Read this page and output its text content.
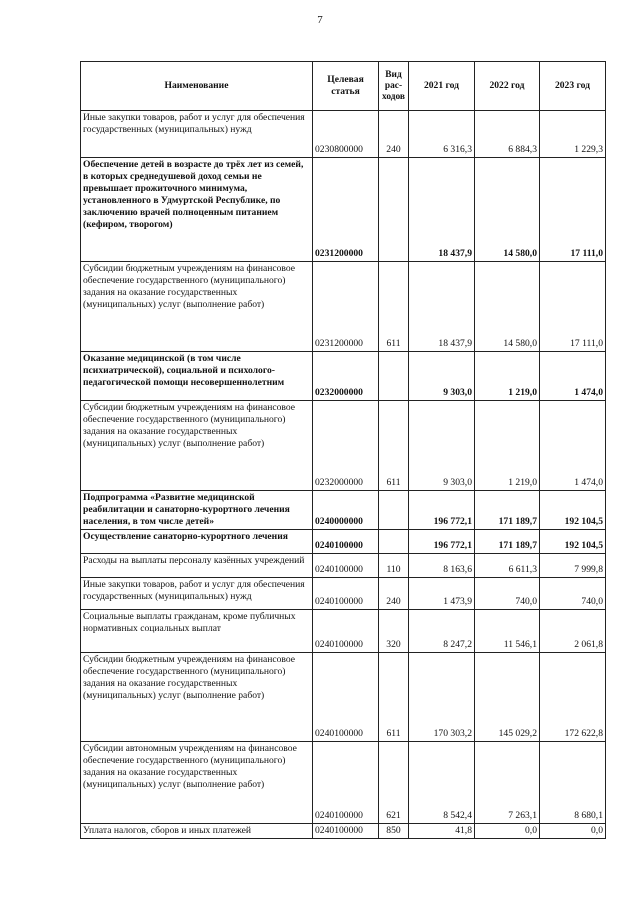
7
Наименование	Целевая статья	Вид рас-ходов	2021 год	2022 год	2023 год
Иные закупки товаров, работ и услуг для обеспечения государственных (муниципальных) нужд	0230800000	240	6 316,3	6 884,3	1 229,3
Обеспечение детей в возрасте до трёх лет из семей, в которых среднедушевой доход семьи не превышает прожиточного минимума, установленного в Удмуртской Республике, по заключению врачей полноценным питанием (кефиром, творогом)	0231200000		18 437,9	14 580,0	17 111,0
Субсидии бюджетным учреждениям на финансовое обеспечение государственного (муниципального) задания на оказание государственных (муниципальных) услуг (выполнение работ)	0231200000	611	18 437,9	14 580,0	17 111,0
Оказание медицинской (в том числе психиатрической), социальной и психолого-педагогической помощи несовершеннолетним	0232000000		9 303,0	1 219,0	1 474,0
Субсидии бюджетным учреждениям на финансовое обеспечение государственного (муниципального) задания на оказание государственных (муниципальных) услуг (выполнение работ)	0232000000	611	9 303,0	1 219,0	1 474,0
Подпрограмма «Развитие медицинской реабилитации и санаторно-курортного лечения населения, в том числе детей»	0240000000		196 772,1	171 189,7	192 104,5
Осуществление санаторно-курортного лечения	0240100000		196 772,1	171 189,7	192 104,5
Расходы на выплаты персоналу казённых учреждений	0240100000	110	8 163,6	6 611,3	7 999,8
Иные закупки товаров, работ и услуг для обеспечения государственных (муниципальных) нужд	0240100000	240	1 473,9	740,0	740,0
Социальные выплаты гражданам, кроме публичных нормативных социальных выплат	0240100000	320	8 247,2	11 546,1	2 061,8
Субсидии бюджетным учреждениям на финансовое обеспечение государственного (муниципального) задания на оказание государственных (муниципальных) услуг (выполнение работ)	0240100000	611	170 303,2	145 029,2	172 622,8
Субсидии автономным учреждениям на финансовое обеспечение государственного (муниципального) задания на оказание государственных (муниципальных) услуг (выполнение работ)	0240100000	621	8 542,4	7 263,1	8 680,1
Уплата налогов, сборов и иных платежей	0240100000	850	41,8	0,0	0,0
